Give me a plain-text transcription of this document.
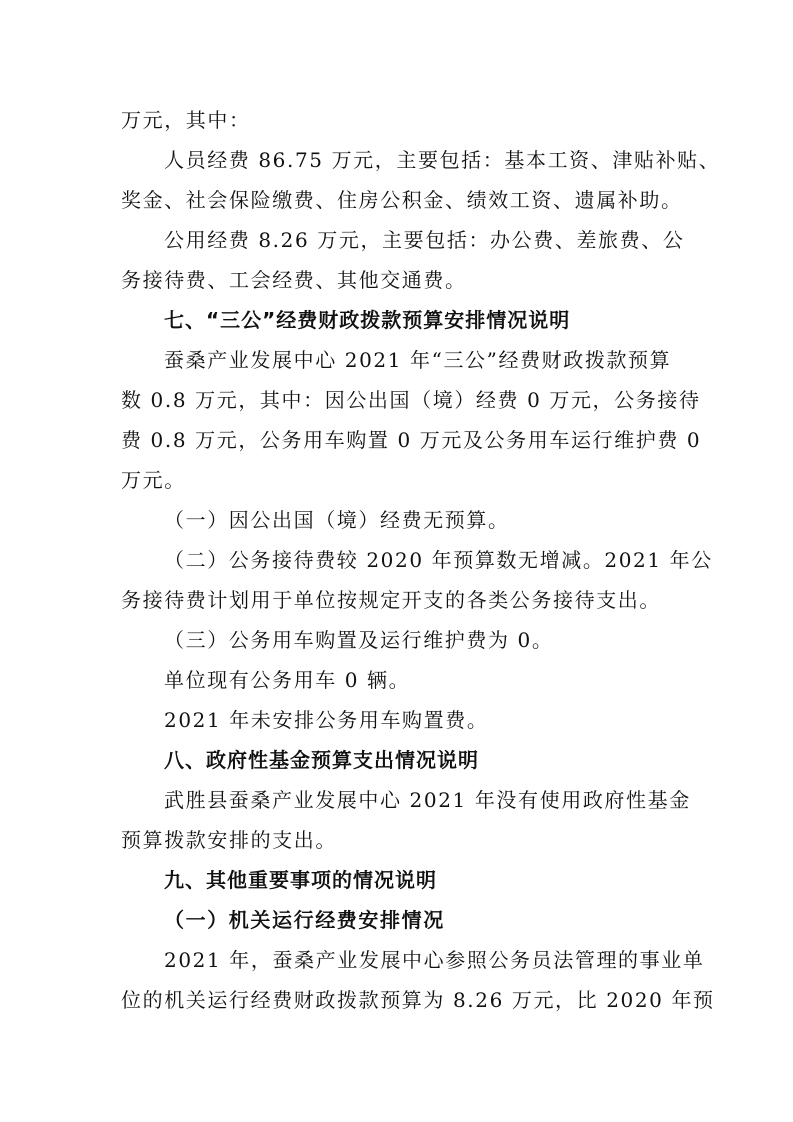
万元，其中：
人员经费 86.75 万元，主要包括：基本工资、津贴补贴、
奖金、社会保险缴费、住房公积金、绩效工资、遗属补助。
公用经费 8.26 万元，主要包括：办公费、差旅费、公
务接待费、工会经费、其他交通费。
七、“三公”经费财政拨款预算安排情况说明
蚕桑产业发展中心 2021 年“三公”经费财政拨款预算
数 0.8 万元，其中：因公出国（境）经费 0 万元，公务接待
费 0.8 万元，公务用车购置 0 万元及公务用车运行维护费 0
万元。
（一）因公出国（境）经费无预算。
（二）公务接待费较 2020 年预算数无增减。2021 年公
务接待费计划用于单位按规定开支的各类公务接待支出。
（三）公务用车购置及运行维护费为 0。
单位现有公务用车 0 辆。
2021 年未安排公务用车购置费。
八、政府性基金预算支出情况说明
武胜县蚕桑产业发展中心 2021 年没有使用政府性基金
预算拨款安排的支出。
九、其他重要事项的情况说明
（一）机关运行经费安排情况
2021 年，蚕桑产业发展中心参照公务员法管理的事业单
位的机关运行经费财政拨款预算为 8.26 万元，比 2020 年预
